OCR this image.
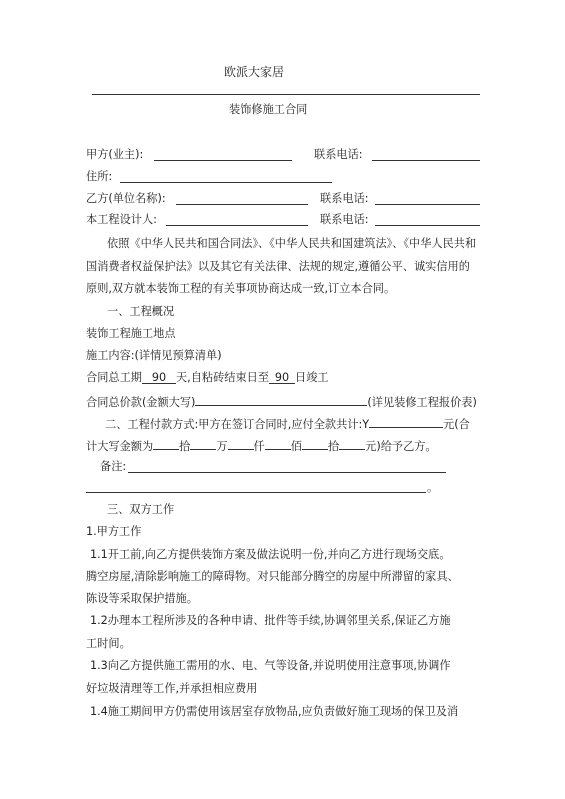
欧派大家居
装饰修施工合同
甲方(业主):	联系电话:
住所:
乙方(单位名称):	联系电话:
本工程设计人:	联系电话:
依照《中华人民共和国合同法》、《中华人民共和国建筑法》、《中华人民共和
国消费者权益保护法》以及其它有关法律、法规的规定,遵循公平、诚实信用的
原则,双方就本装饰工程的有关事项协商达成一致,订立本合同。
一、工程概况
装饰工程施工地点
施工内容:(详情见预算清单)
合同总工期 90 天,自粘砖结束日至 90 日竣工
合同总价款(金额大写)	(详见装修工程报价表)
二、工程付款方式:甲方在签订合同时,应付全款共计:Y	元(合
计大写金额为 拾 万 仟 佰 拾 元)给予乙方。
备注:
。
三、双方工作
1.甲方工作
1.1开工前,向乙方提供装饰方案及做法说明一份,并向乙方进行现场交底。
腾空房屋,清除影响施工的障碍物。对只能部分腾空的房屋中所滞留的家具、
陈设等采取保护措施。
1.2办理本工程所涉及的各种申请、批件等手续,协调邻里关系,保证乙方施
工时间。
1.3向乙方提供施工需用的水、电、气等设备,并说明使用注意事项,协调作
好垃圾清理等工作,并承担相应费用
1.4施工期间甲方仍需使用该居室存放物品,应负责做好施工现场的保卫及消
